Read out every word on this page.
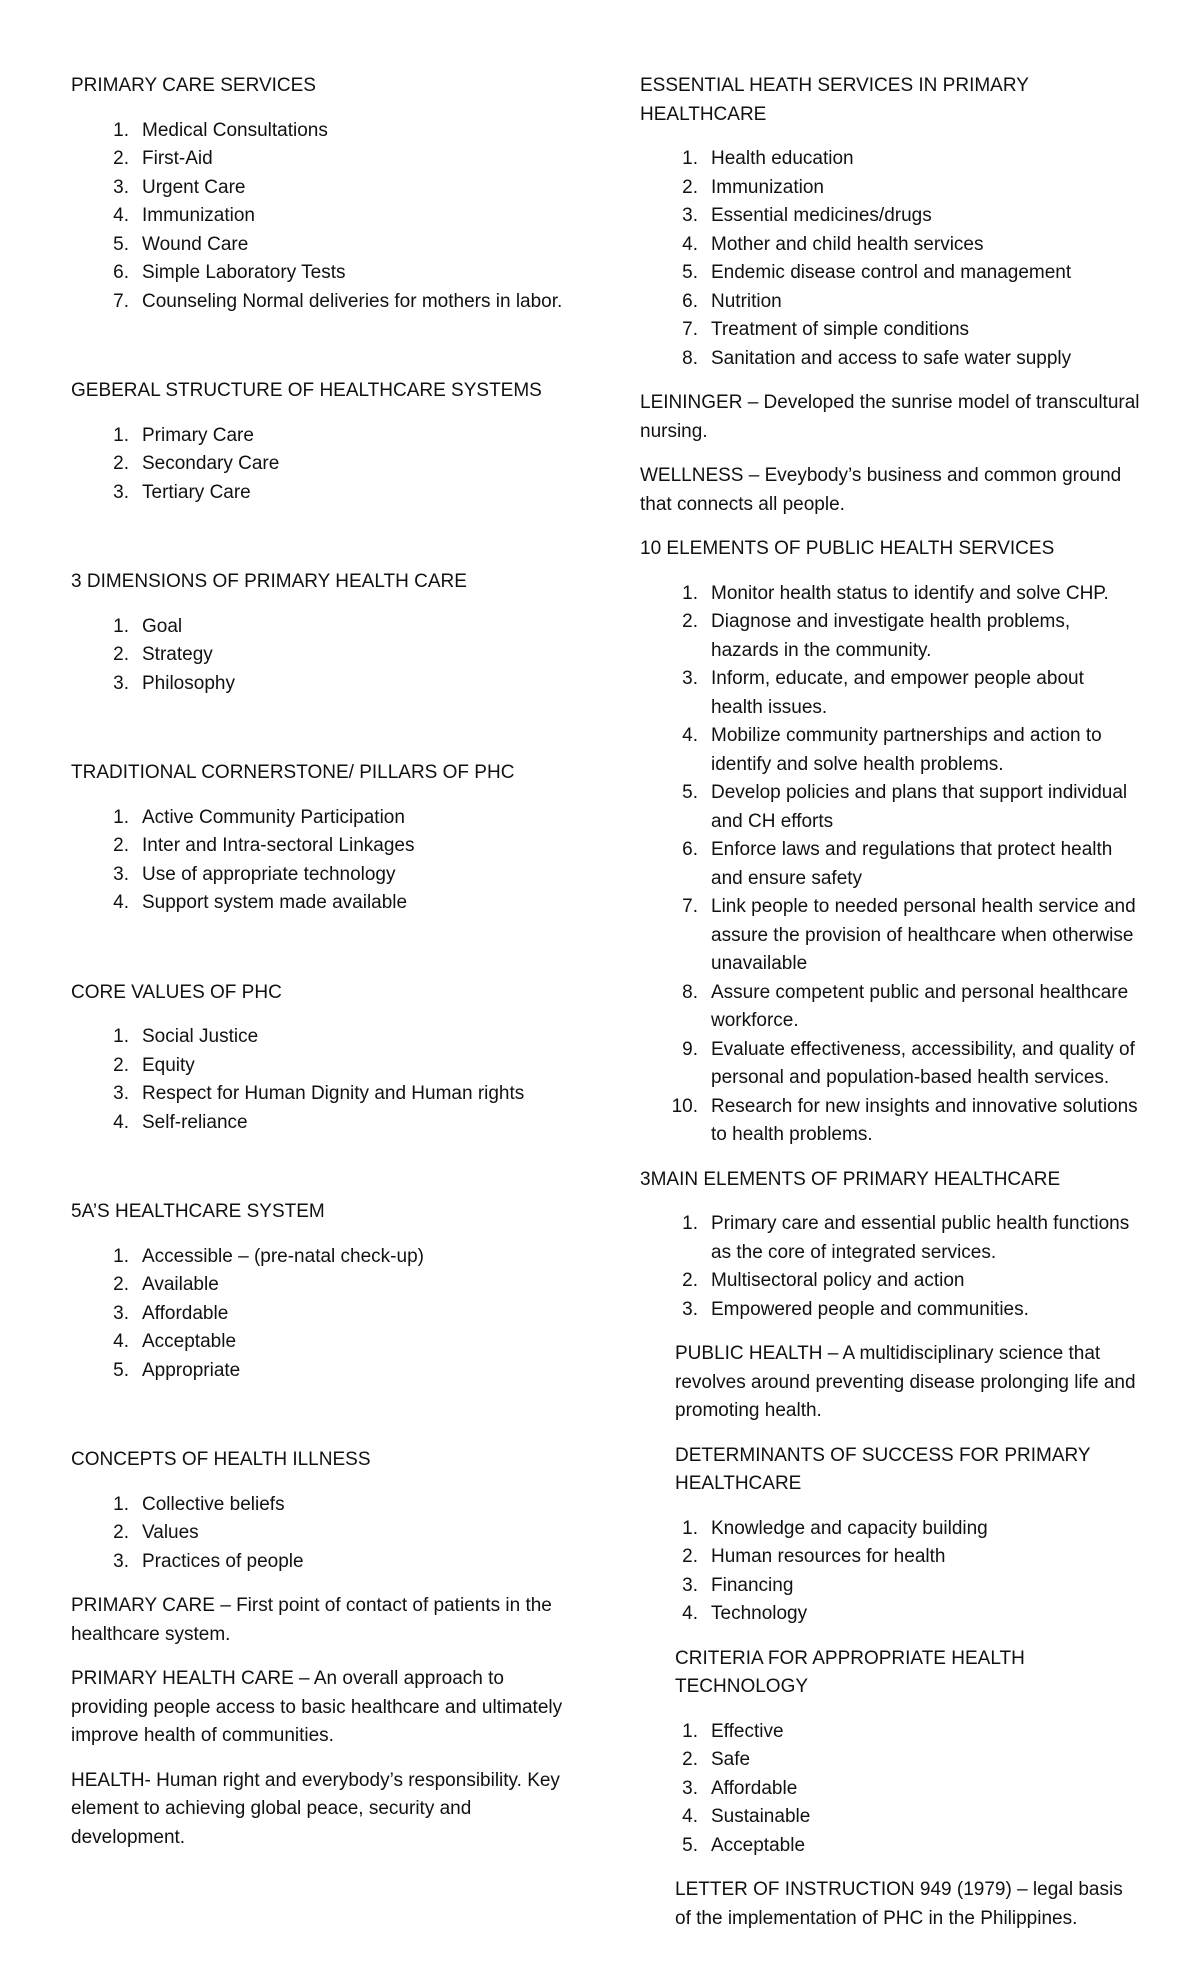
PRIMARY CARE SERVICES

1. Medical Consultations
2. First-Aid
3. Urgent Care
4. Immunization
5. Wound Care
6. Simple Laboratory Tests
7. Counseling Normal deliveries for mothers in labor.

GEBERAL STRUCTURE OF HEALTHCARE SYSTEMS

1. Primary Care
2. Secondary Care
3. Tertiary Care

3 DIMENSIONS OF PRIMARY HEALTH CARE

1. Goal
2. Strategy
3. Philosophy

TRADITIONAL CORNERSTONE/ PILLARS OF PHC

1. Active Community Participation
2. Inter and Intra-sectoral Linkages
3. Use of appropriate technology
4. Support system made available

CORE VALUES OF PHC

1. Social Justice
2. Equity
3. Respect for Human Dignity and Human rights
4. Self-reliance

5A’S HEALTHCARE SYSTEM

1. Accessible – (pre-natal check-up)
2. Available
3. Affordable
4. Acceptable
5. Appropriate

CONCEPTS OF HEALTH ILLNESS

1. Collective beliefs
2. Values
3. Practices of people

PRIMARY CARE – First point of contact of patients in the healthcare system.

PRIMARY HEALTH CARE – An overall approach to providing people access to basic healthcare and ultimately improve health of communities.

HEALTH- Human right and everybody’s responsibility. Key element to achieving global peace, security and development.

ESSENTIAL HEATH SERVICES IN PRIMARY HEALTHCARE

1. Health education
2. Immunization
3. Essential medicines/drugs
4. Mother and child health services
5. Endemic disease control and management
6. Nutrition
7. Treatment of simple conditions
8. Sanitation and access to safe water supply

LEININGER – Developed the sunrise model of transcultural nursing.

WELLNESS – Eveybody’s business and common ground that connects all people.

10 ELEMENTS OF PUBLIC HEALTH SERVICES

1. Monitor health status to identify and solve CHP.
2. Diagnose and investigate health problems, hazards in the community.
3. Inform, educate, and empower people about health issues.
4. Mobilize community partnerships and action to identify and solve health problems.
5. Develop policies and plans that support individual and CH efforts
6. Enforce laws and regulations that protect health and ensure safety
7. Link people to needed personal health service and assure the provision of healthcare when otherwise unavailable
8. Assure competent public and personal healthcare workforce.
9. Evaluate effectiveness, accessibility, and quality of personal and population-based health services.
10. Research for new insights and innovative solutions to health problems.

3MAIN ELEMENTS OF PRIMARY HEALTHCARE

1. Primary care and essential public health functions as the core of integrated services.
2. Multisectoral policy and action
3. Empowered people and communities.

PUBLIC HEALTH – A multidisciplinary science that revolves around preventing disease prolonging life and promoting health.

DETERMINANTS OF SUCCESS FOR PRIMARY HEALTHCARE

1. Knowledge and capacity building
2. Human resources for health
3. Financing
4. Technology

CRITERIA FOR APPROPRIATE HEALTH TECHNOLOGY

1. Effective
2. Safe
3. Affordable
4. Sustainable
5. Acceptable

LETTER OF INSTRUCTION 949 (1979) – legal basis of the implementation of PHC in the Philippines.
